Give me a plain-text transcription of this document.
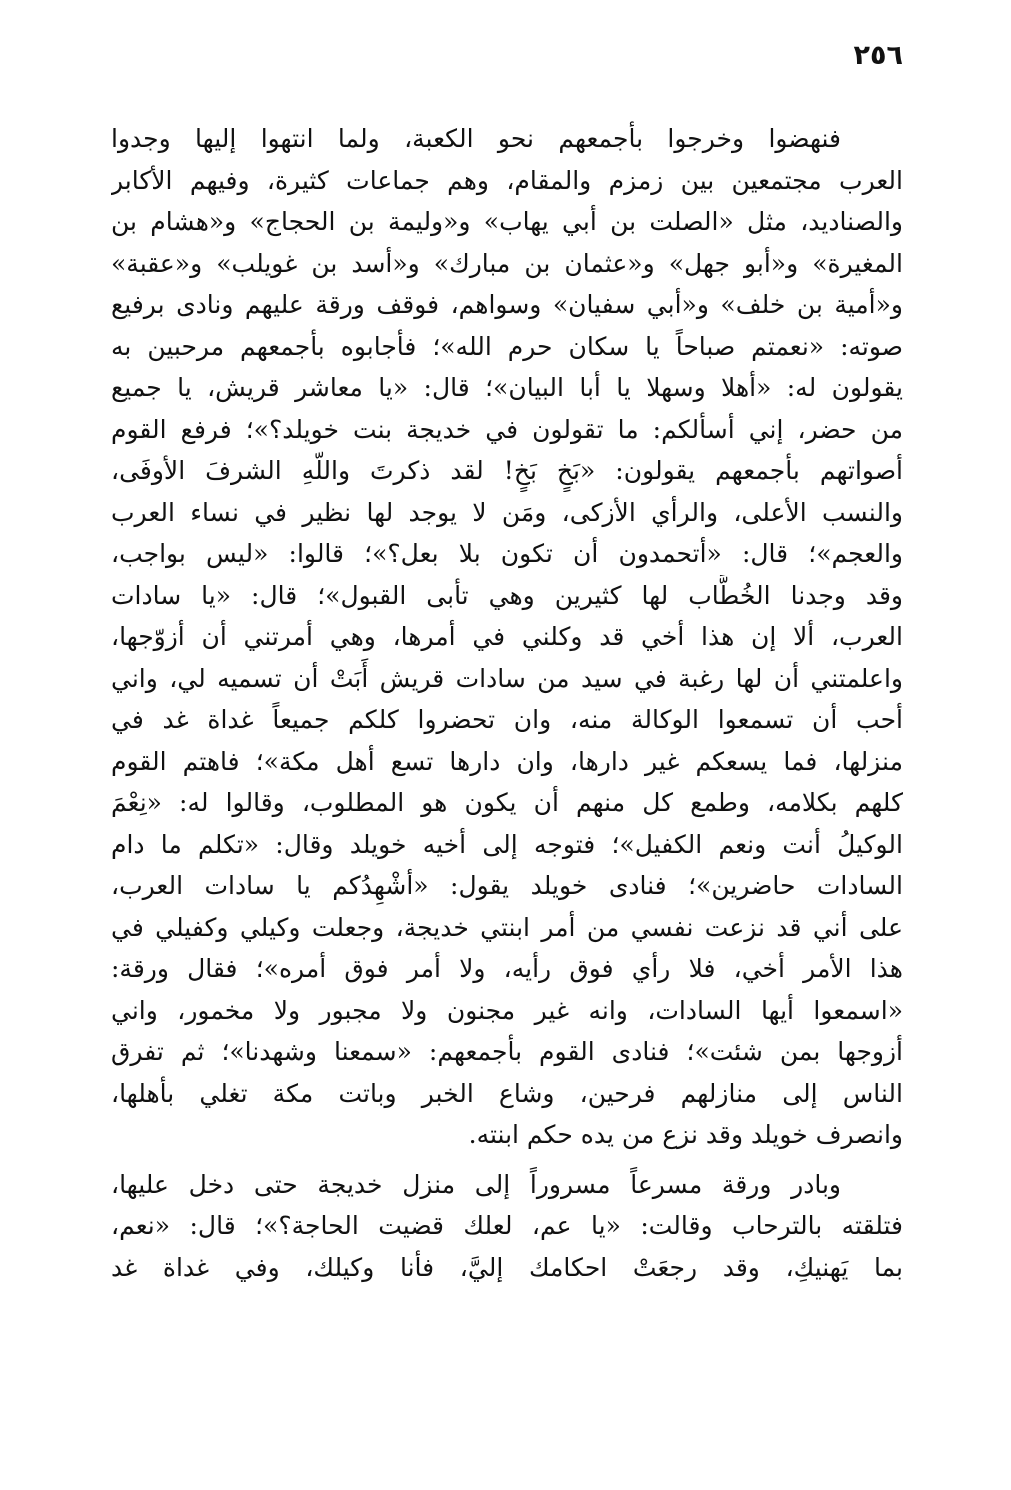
٢٥٦
فنهضوا وخرجوا بأجمعهم نحو الكعبة، ولما انتهوا إليها وجدوا
العرب مجتمعين بين زمزم والمقام، وهم جماعات كثيرة، وفيهم الأكابر
والصناديد، مثل «الصلت بن أبي يهاب» و«وليمة بن الحجاج» و«هشام بن
المغيرة» و«أبو جهل» و«عثمان بن مبارك» و«أسد بن غويلب» و«عقبة»
و«أمية بن خلف» و«أبي سفيان» وسواهم، فوقف ورقة عليهم ونادى برفيع
صوته: «نعمتم صباحاً يا سكان حرم الله»؛ فأجابوه بأجمعهم مرحبين به
يقولون له: «أهلا وسهلا يا أبا البيان»؛ قال: «يا معاشر قريش، يا جميع
من حضر، إني أسألكم: ما تقولون في خديجة بنت خويلد؟»؛ فرفع القوم
أصواتهم بأجمعهم يقولون: «بَخٍ بَخٍ! لقد ذكرتَ واللّهِ الشرفَ الأوفَى،
والنسب الأعلى، والرأي الأزكى، ومَن لا يوجد لها نظير في نساء العرب
والعجم»؛ قال: «أتحمدون أن تكون بلا بعل؟»؛ قالوا: «ليس بواجب،
وقد وجدنا الخُطَّاب لها كثيرين وهي تأبى القبول»؛ قال: «يا سادات
العرب، ألا إن هذا أخي قد وكلني في أمرها، وهي أمرتني أن أزوّجها،
واعلمتني أن لها رغبة في سيد من سادات قريش أَبَتْ أن تسميه لي، واني
أحب أن تسمعوا الوكالة منه، وان تحضروا كلكم جميعاً غداة غد في
منزلها، فما يسعكم غير دارها، وان دارها تسع أهل مكة»؛ فاهتم القوم
كلهم بكلامه، وطمع كل منهم أن يكون هو المطلوب، وقالوا له: «نِعْمَ
الوكيلُ أنت ونعم الكفيل»؛ فتوجه إلى أخيه خويلد وقال: «تكلم ما دام
السادات حاضرين»؛ فنادى خويلد يقول: «أشْهِدُكم يا سادات العرب،
على أني قد نزعت نفسي من أمر ابنتي خديجة، وجعلت وكيلي وكفيلي في
هذا الأمر أخي، فلا رأي فوق رأيه، ولا أمر فوق أمره»؛ فقال ورقة:
«اسمعوا أيها السادات، وانه غير مجنون ولا مجبور ولا مخمور، واني
أزوجها بمن شئت»؛ فنادى القوم بأجمعهم: «سمعنا وشهدنا»؛ ثم تفرق
الناس إلى منازلهم فرحين، وشاع الخبر وباتت مكة تغلي بأهلها،
وانصرف خويلد وقد نزع من يده حكم ابنته.
وبادر ورقة مسرعاً مسروراً إلى منزل خديجة حتى دخل عليها،
فتلقته بالترحاب وقالت: «يا عم، لعلك قضيت الحاجة؟»؛ قال: «نعم،
بما يَهنيكِ، وقد رجعَتْ احكامك إليَّ، فأنا وكيلك، وفي غداة غد
